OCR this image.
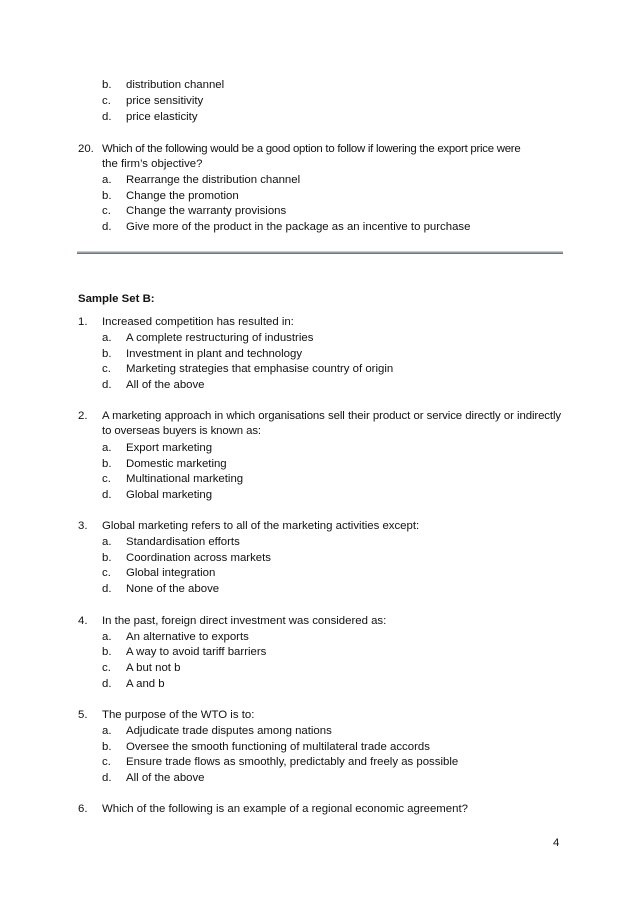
b. distribution channel
c. price sensitivity
d. price elasticity
20. Which of the following would be a good option to follow if lowering the export price were
the firm’s objective?
a. Rearrange the distribution channel
b. Change the promotion
c. Change the warranty provisions
d. Give more of the product in the package as an incentive to purchase
Sample Set B:
1. Increased competition has resulted in:
a. A complete restructuring of industries
b. Investment in plant and technology
c. Marketing strategies that emphasise country of origin
d. All of the above
2. A marketing approach in which organisations sell their product or service directly or indirectly to overseas buyers is known as:
a. Export marketing
b. Domestic marketing
c. Multinational marketing
d. Global marketing
3. Global marketing refers to all of the marketing activities except:
a. Standardisation efforts
b. Coordination across markets
c. Global integration
d. None of the above
4. In the past, foreign direct investment was considered as:
a. An alternative to exports
b. A way to avoid tariff barriers
c. A but not b
d. A and b
5. The purpose of the WTO is to:
a. Adjudicate trade disputes among nations
b. Oversee the smooth functioning of multilateral trade accords
c. Ensure trade flows as smoothly, predictably and freely as possible
d. All of the above
6. Which of the following is an example of a regional economic agreement?
4
